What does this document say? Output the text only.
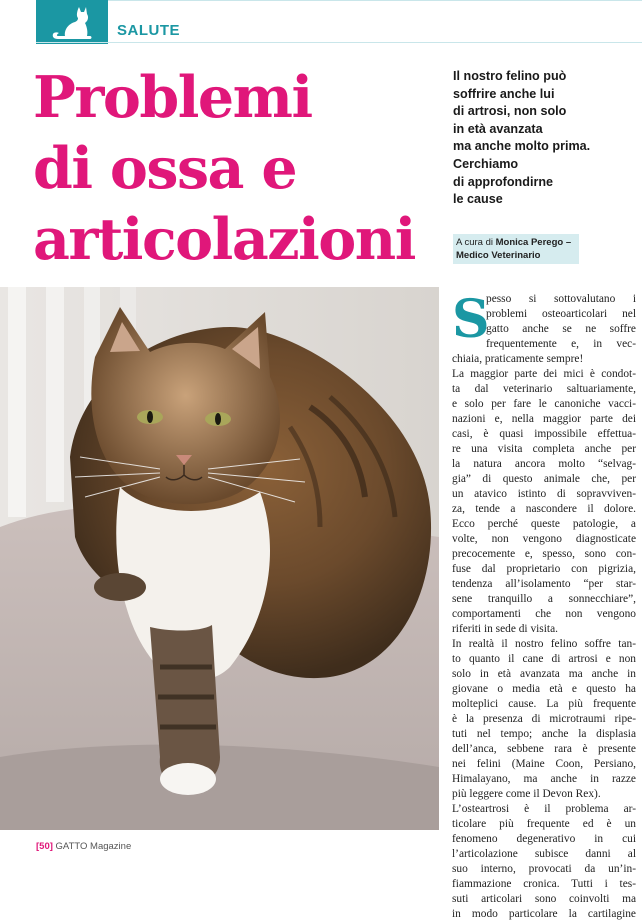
SALUTE
Problemi
di ossa e
articolazioni
Il nostro felino può
soffrire anche lui
di artrosi, non solo
in età avanzata
ma anche molto prima.
Cerchiamo
di approfondirne
le cause
A cura di Monica Perego –
Medico Veterinario
S
pesso si sottovalutano i
problemi osteoarticolari nel
gatto anche se ne soffre
frequentemente e, in vec-
chiaia, praticamente sempre!
La maggior parte dei mici è condot-
ta dal veterinario saltuariamente,
e solo per fare le canoniche vacci-
nazioni e, nella maggior parte dei
casi, è quasi impossibile effettua-
re una visita completa anche per
la natura ancora molto “selvag-
gia” di questo animale che, per
un atavico istinto di sopravviven-
za, tende a nascondere il dolore.
Ecco perché queste patologie, a
volte, non vengono diagnosticate
precocemente e, spesso, sono con-
fuse dal proprietario con pigrizia,
tendenza all’isolamento “per star-
sene tranquillo a sonnecchiare”,
comportamenti che non vengono
riferiti in sede di visita.
In realtà il nostro felino soffre tan-
to quanto il cane di artrosi e non
solo in età avanzata ma anche in
giovane o media età e questo ha
molteplici cause. La più frequente
è la presenza di microtraumi ripe-
tuti nel tempo; anche la displasia
dell’anca, sebbene rara è presente
nei felini (Maine Coon, Persiano,
Himalayano, ma anche in razze
più leggere come il Devon Rex).
L’osteartrosi è il problema ar-
ticolare più frequente ed è un
fenomeno degenerativo in cui
l’articolazione subisce danni al
suo interno, provocati da un’in-
fiammazione cronica. Tutti i tes-
suti articolari sono coinvolti ma
in modo particolare la cartilagine
[50] GATTO Magazine
